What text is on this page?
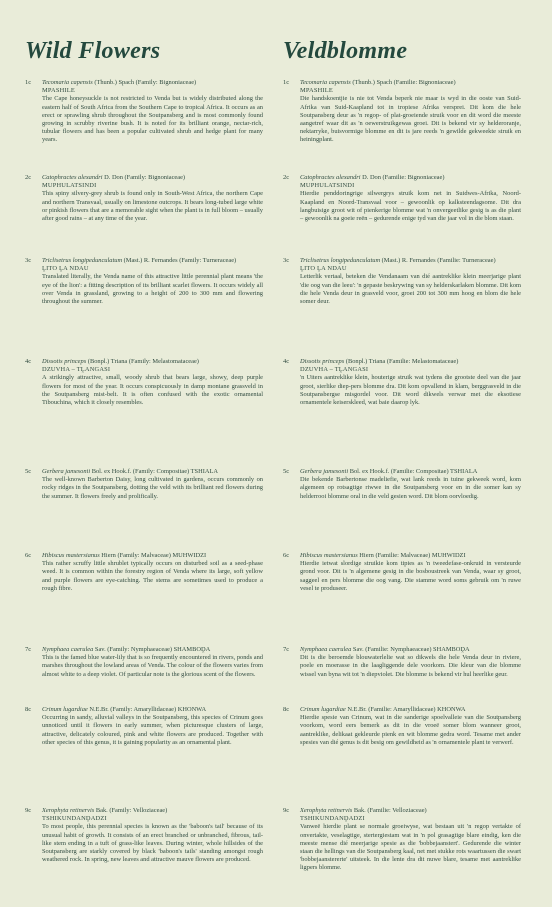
Wild Flowers
1c Tecomaria capensis (Thunb.) Spach (Family: Bignoniaceae)

MPASHILE

The Cape honeysuckle is not restricted to Venda but is widely distributed along the eastern half of South Africa from the Southern Cape to tropical Africa. It occurs as an erect or sprawling shrub throughout the Soutpansberg and is most commonly found growing in scrubby riverine bush. It is noted for its brilliant orange, nectar-rich, tubular flowers and has been a popular cultivated shrub and hedge plant for many years.

2c Catophractes alexandri D. Don (Family: Bignoniaceae)

MUPHULATSINDI

This spiny silvery-grey shrub is found only in South-West Africa, the northern Cape and northern Transvaal, usually on limestone outcrops. It bears long-tubed large white or pinkish flowers that are a memorable sight when the plant is in full bloom – usually after good rains – at any time of the year.

3c Triclisetrus longipedunculatum (Mast.) R. Fernandes (Family: Turneraceae)

ḼITO ḼA NDAU

Translated literally, the Venda name of this attractive little perennial plant means 'the eye of the lion': a fitting description of its brilliant scarlet flowers. It occurs widely all over Venda in grassland, growing to a height of 200 to 300 mm and flowering throughout the summer.

4c Dissotis princeps (Bonpl.) Triana (Family: Melastomataceae)

DZUVHA – TḼANGASI

A strikingly attractive, small, woody shrub that bears large, showy, deep purple flowers for most of the year. It occurs conspicuously in damp montane grassveld in the Soutpansberg mist-belt. It is often confused with the exotic ornamental Tibouchina, which it closely resembles.

5c Gerbera jamesonii Bol. ex Hook.f. (Family: Compositae) TSHIALA

The well-known Barberton Daisy, long cultivated in gardens, occurs commonly on rocky ridges in the Soutpansberg, dotting the veld with its brilliant red flowers during the summer. It flowers freely and prolifically.

6c Hibiscus mastersianus Hiern (Family: Malvaceae) MUHWIDZI

This rather scruffy little shrublet typically occurs on disturbed soil as a seed-phase weed. It is common within the forestry region of Venda where its large, soft yellow and purple flowers are eye-catching. The stems are sometimes used to produce a rough fibre.

7c Nymphaea caerulea Sav. (Family: Nymphaeaceae) SHAMBOḒA

This is the famed blue water-lily that is so frequently encountered in rivers, ponds and marshes throughout the lowland areas of Venda. The colour of the flowers varies from almost white to a deep violet. Of particular note is the glorious scent of the flowers.

8c Crinum lugardiae N.E.Br. (Family: Amaryllidaceae) KHONWA

Occurring in sandy, alluvial valleys in the Soutpansberg, this species of Crinum goes unnoticed until it flowers in early summer, when picturesque clusters of large, attractive, delicately coloured, pink and white flowers are produced. Together with other species of this genus, it is gaining popularity as an ornamental plant.

9c Xerophyta retinervis Bak. (Family: Velloziaceae)

TSHIKUNDANḒADZI

To most people, this perennial species is known as the 'baboon's tail' because of its unusual habit of growth. It consists of an erect branched or unbranched, fibrous, tail-like stem ending in a tuft of grass-like leaves. During winter, whole hillsides of the Soutpansberg are starkly covered by black 'baboon's tails' standing amongst rough weathered rock. In spring, new leaves and attractive mauve flowers are produced.

Veldblomme
1c Tecomaria capensis (Thunb.) Spach (Familie: Bignoniaceae)

MPASHILE

Die handskoentjie is nie tot Venda beperk nie maar is wyd in die ooste van Suid-Afrika van Suid-Kaapland tot in tropiese Afrika versprei. Dit kom die hele Soutpansberg deur as 'n regop- of plat-groeiende struik voor en dit word die meeste aangetref waar dit as 'n oewerstruikgewas groei. Dit is bekend vir sy helderoranje, nektarryke, buisvormige blomme en dit is jare reeds 'n gewilde gekweekte struik en heiningplant.

2c Catophractes alexandri D. Don (Familie: Bignoniaceae)

MUPHULATSINDI

Hierdie penddoringrige silwergrys struik kom net in Suidwes-Afrika, Noord-Kaapland en Noord-Transvaal voor – gewoonlik op kalksteendagsome. Dit dra langbuisige groot wit of pienkerige blomme wat 'n onvergeetlike gesig is as die plant – gewoonlik na goeie reën – gedurende enige tyd van die jaar vol in die blom staan.

3c Triclisetrus longipedunculatum (Mast.) R. Fernandes (Familie: Turneraceae)

ḼITO ḼA NDAU

Letterlik vertaal, beteken die Vendanaam van dié aantreklike klein meerjarige plant 'die oog van die leeu': 'n gepaste beskrywing van sy helderskarlaken blomme. Dit kom die hele Venda deur in grasveld voor, groei 200 tot 300 mm hoog en blom die hele somer deur.

4c Dissotis princeps (Bonpl.) Triana (Familie: Melastomataceae)

DZUVHA – TḼANGASI

'n Uiters aantreklike klein, houterige struik wat tydens die grootste deel van die jaar groot, sierlike diep-pers blomme dra. Dit kom opvallend in klam, berggrasveld in die Soutpansbergse misgordel voor. Dit word dikwels verwar met die eksotiese ornamentele keiserskleed, wat baie daarop lyk.

5c Gerbera jamesonii Bol. ex Hook.f. (Familie: Compositae) TSHIALA

Die bekende Barbertonse madeliefie, wat lank reeds in tuine gekweek word, kom algemeen op rotsagtige riwwe in die Soutpansberg voor en in die somer kan sy helderrooi blomme oral in die veld gesien word. Dit blom oorvloedig.

6c Hibiscus mastersianus Hiern (Familie: Malvaceae) MUHWIDZI

Hierdie ietwat slordige struikie kom tipies as 'n tweedefase-onkruid in versteurde grond voor. Dit is 'n algemene gesig in die bosboustreek van Venda, waar sy groot, saggeel en pers blomme die oog vang. Die stamme word soms gebruik om 'n ruwe vesel te produseer.

7c Nymphaea caerulea Sav. (Familie: Nymphaeaceae) SHAMBOḒA

Dit is die beroemde blouwaterlelie wat so dikwels die hele Venda deur in riviere, poele en moerasse in die laagliggende dele voorkom. Die kleur van die blomme wissel van byna wit tot 'n diepviolet. Die blomme is bekend vir hul heerlike geur.

8c Crinum lugardiae N.E.Br. (Familie: Amaryllidaceae) KHONWA

Hierdie spesie van Crinum, wat in die sanderige spoelvalleie van die Soutpansberg voorkom, word eers bemerk as dit in die vroeë somer blom wanneer groot, aantreklike, delikaat gekleurde pienk en wit blomme gedra word. Tesame met ander spesies van dié genus is dit besig om gewildheid as 'n ornamentele plant te verwerf.

9c Xerophyta retinervis Bak. (Familie: Velloziaceae)

TSHIKUNDANḒADZI

Vanweë hierdie plant se normale groeiwyse, wat bestaan uit 'n regop vertakte of onvertakte, veselagtige, stertergiestam wat in 'n pol grasagtige blare eindig, ken die meeste mense dié meerjarige spesie as die 'bobbejaanstert'. Gedurende die winter staan die hellings van die Soutpansberg kaal, net met stukke rots waartussen die swart 'bobbejaanstererte' uitsteek. In die lente dra dit nuwe blare, tesame met aantreklike ligpers blomme.
